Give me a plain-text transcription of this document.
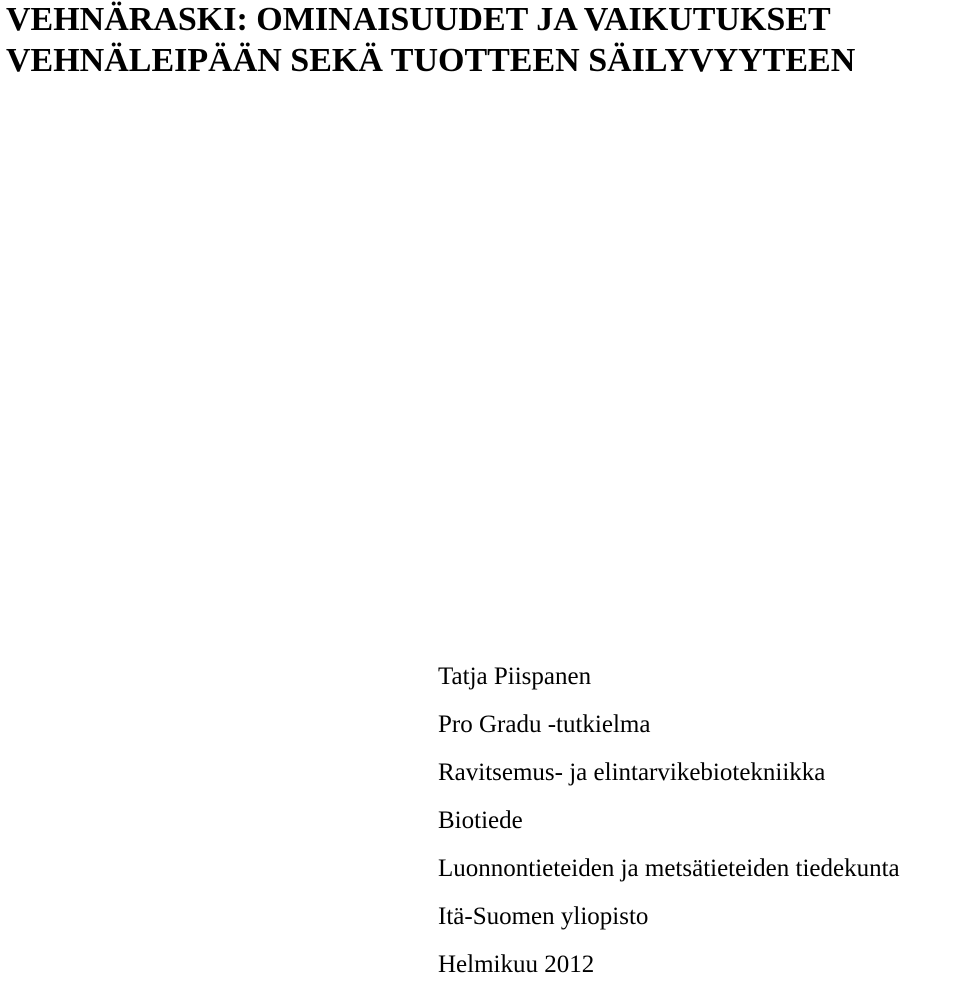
VEHNÄRASKI: OMINAISUUDET JA VAIKUTUKSET
VEHNÄLEIPÄÄN SEKÄ TUOTTEEN SÄILYVYYTEEN
Tatja Piispanen
Pro Gradu -tutkielma
Ravitsemus- ja elintarvikebiotekniikka
Biotiede
Luonnontieteiden ja metsätieteiden tiedekunta
Itä-Suomen yliopisto
Helmikuu 2012
